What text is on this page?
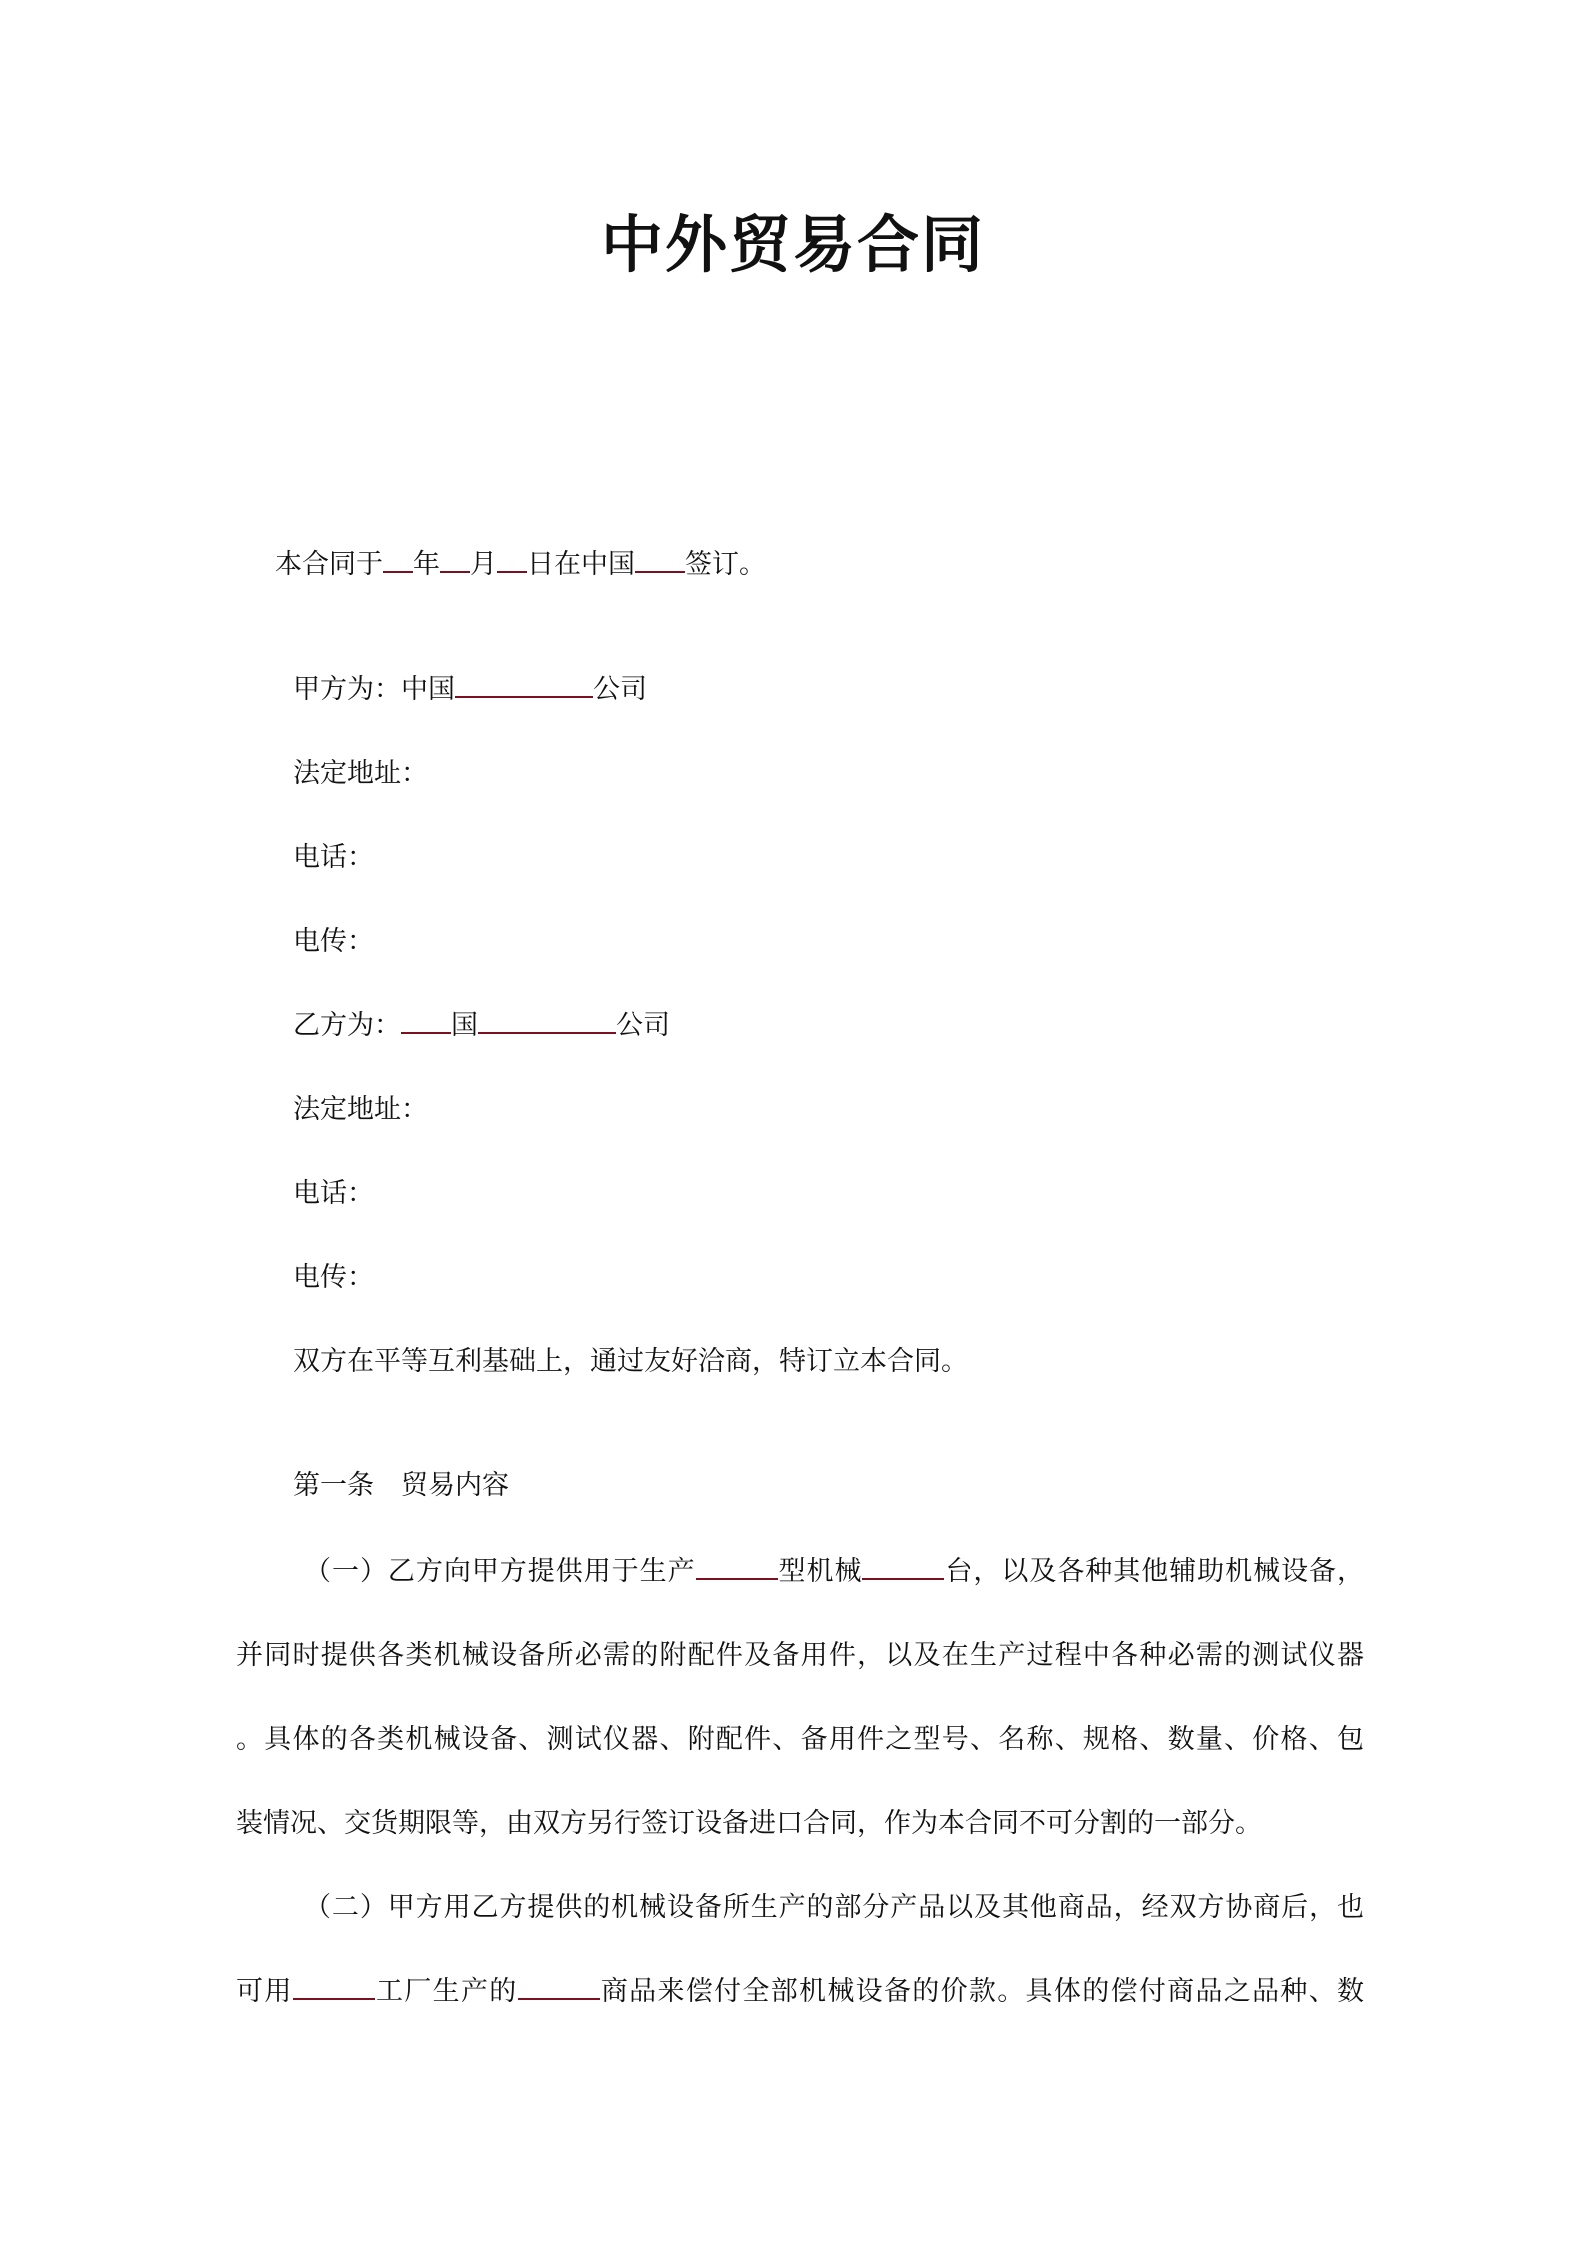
中外贸易合同

本合同于 年 月 日在中国 签订。

甲方为：中国	公司

法定地址：

电话：

电传：

乙方为： 国	公司

法定地址：

电话：

电传：

双方在平等互利基础上，通过友好洽商，特订立本合同。

第一条　贸易内容

（一）乙方向甲方提供用于生产	型机械	台，以及各种其他辅助机械设备，
并同时提供各类机械设备所必需的附配件及备用件，以及在生产过程中各种必需的测试仪器
。具体的各类机械设备、测试仪器、附配件、备用件之型号、名称、规格、数量、价格、包
装情况、交货期限等，由双方另行签订设备进口合同，作为本合同不可分割的一部分。
（二）甲方用乙方提供的机械设备所生产的部分产品以及其他商品，经双方协商后，也
可用	工厂生产的	商品来偿付全部机械设备的价款。具体的偿付商品之品种、数
